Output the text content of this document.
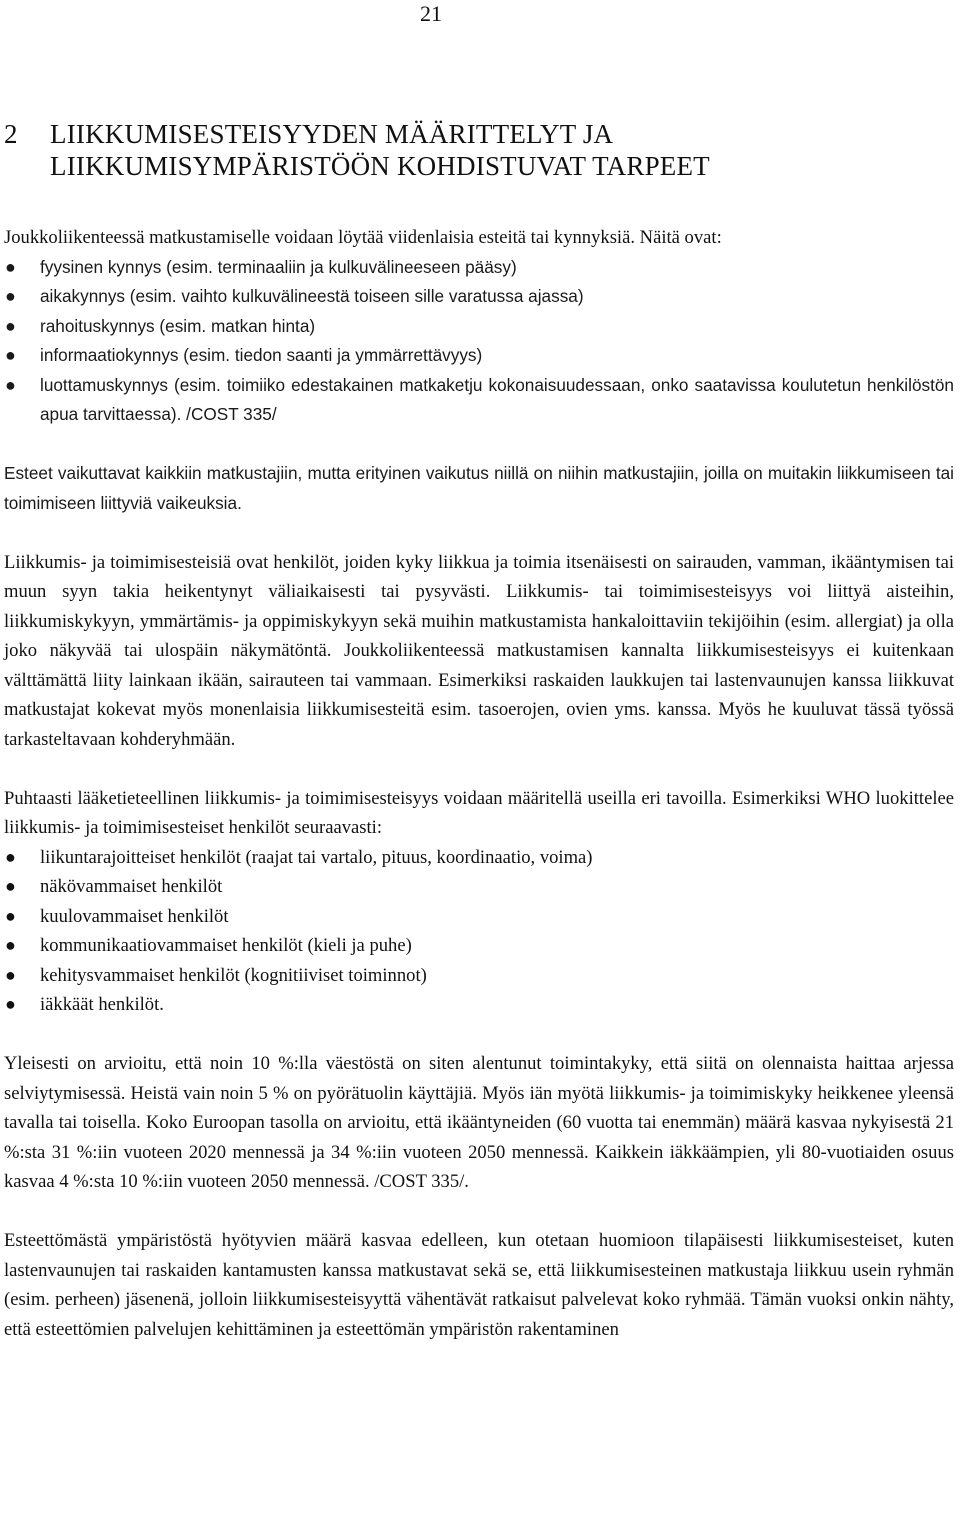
21
2 LIIKKUMISESTEISYYDEN MÄÄRITTELYT JA
LIIKKUMISYMPÄRISTÖÖN KOHDISTUVAT TARPEET

Joukkoliikenteessä matkustamiselle voidaan löytää viidenlaisia esteitä tai kynnyksiä. Näitä ovat:

● fyysinen kynnys (esim. terminaaliin ja kulkuvälineeseen pääsy)
● aikakynnys (esim. vaihto kulkuvälineestä toiseen sille varatussa ajassa)
● rahoituskynnys (esim. matkan hinta)
● informaatiokynnys (esim. tiedon saanti ja ymmärrettävyys)
● luottamuskynnys (esim. toimiiko edestakainen matkaketju kokonaisuudessaan, onko saatavissa koulutetun henkilöstön apua tarvittaessa). /COST 335/

Esteet vaikuttavat kaikkiin matkustajiin, mutta erityinen vaikutus niillä on niihin matkustajiin, joilla on muitakin liikkumiseen tai toimimiseen liittyviä vaikeuksia.

Liikkumis- ja toimimisesteisiä ovat henkilöt, joiden kyky liikkua ja toimia itsenäisesti on sairauden, vamman, ikääntymisen tai muun syyn takia heikentynyt väliaikaisesti tai pysyvästi. Liikkumis- tai toimimisesteisyys voi liittyä aisteihin, liikkumiskykyyn, ymmärtämis- ja oppimiskykyyn sekä muihin matkustamista hankaloittaviin tekijöihin (esim. allergiat) ja olla joko näkyvää tai ulospäin näkymätöntä. Joukkoliikenteessä matkustamisen kannalta liikkumisesteisyys ei kuitenkaan välttämättä liity lainkaan ikään, sairauteen tai vammaan. Esimerkiksi raskaiden laukkujen tai lastenvaunujen kanssa liikkuvat matkustajat kokevat myös monenlaisia liikkumisesteitä esim. tasoerojen, ovien yms. kanssa. Myös he kuuluvat tässä työssä tarkasteltavaan kohderyhmään.

Puhtaasti lääketieteellinen liikkumis- ja toimimisesteisyys voidaan määritellä useilla eri tavoilla. Esimerkiksi WHO luokittelee liikkumis- ja toimimisesteiset henkilöt seuraavasti:

● liikuntarajoitteiset henkilöt (raajat tai vartalo, pituus, koordinaatio, voima)
● näkövammaiset henkilöt
● kuulovammaiset henkilöt
● kommunikaatiovammaiset henkilöt (kieli ja puhe)
● kehitysvammaiset henkilöt (kognitiiviset toiminnot)
● iäkkäät henkilöt.

Yleisesti on arvioitu, että noin 10 %:lla väestöstä on siten alentunut toimintakyky, että siitä on olennaista haittaa arjessa selviytymisessä. Heistä vain noin 5 % on pyörätuolin käyttäjiä. Myös iän myötä liikkumis- ja toimimiskyky heikkenee yleensä tavalla tai toisella. Koko Euroopan tasolla on arvioitu, että ikääntyneiden (60 vuotta tai enemmän) määrä kasvaa nykyisestä 21 %:sta 31 %:iin vuoteen 2020 mennessä ja 34 %:iin vuoteen 2050 mennessä. Kaikkein iäkkäämpien, yli 80-vuotiaiden osuus kasvaa 4 %:sta 10 %:iin vuoteen 2050 mennessä. /COST 335/.

Esteettömästä ympäristöstä hyötyvien määrä kasvaa edelleen, kun otetaan huomioon tilapäisesti liikkumisesteiset, kuten lastenvaunujen tai raskaiden kantamusten kanssa matkustavat sekä se, että liikkumisesteinen matkustaja liikkuu usein ryhmän (esim. perheen) jäsenenä, jolloin liikkumisesteisyyttä vähentävät ratkaisut palvelevat koko ryhmää. Tämän vuoksi onkin nähty, että esteettömien palvelujen kehittäminen ja esteettömän ympäristön rakentaminen
